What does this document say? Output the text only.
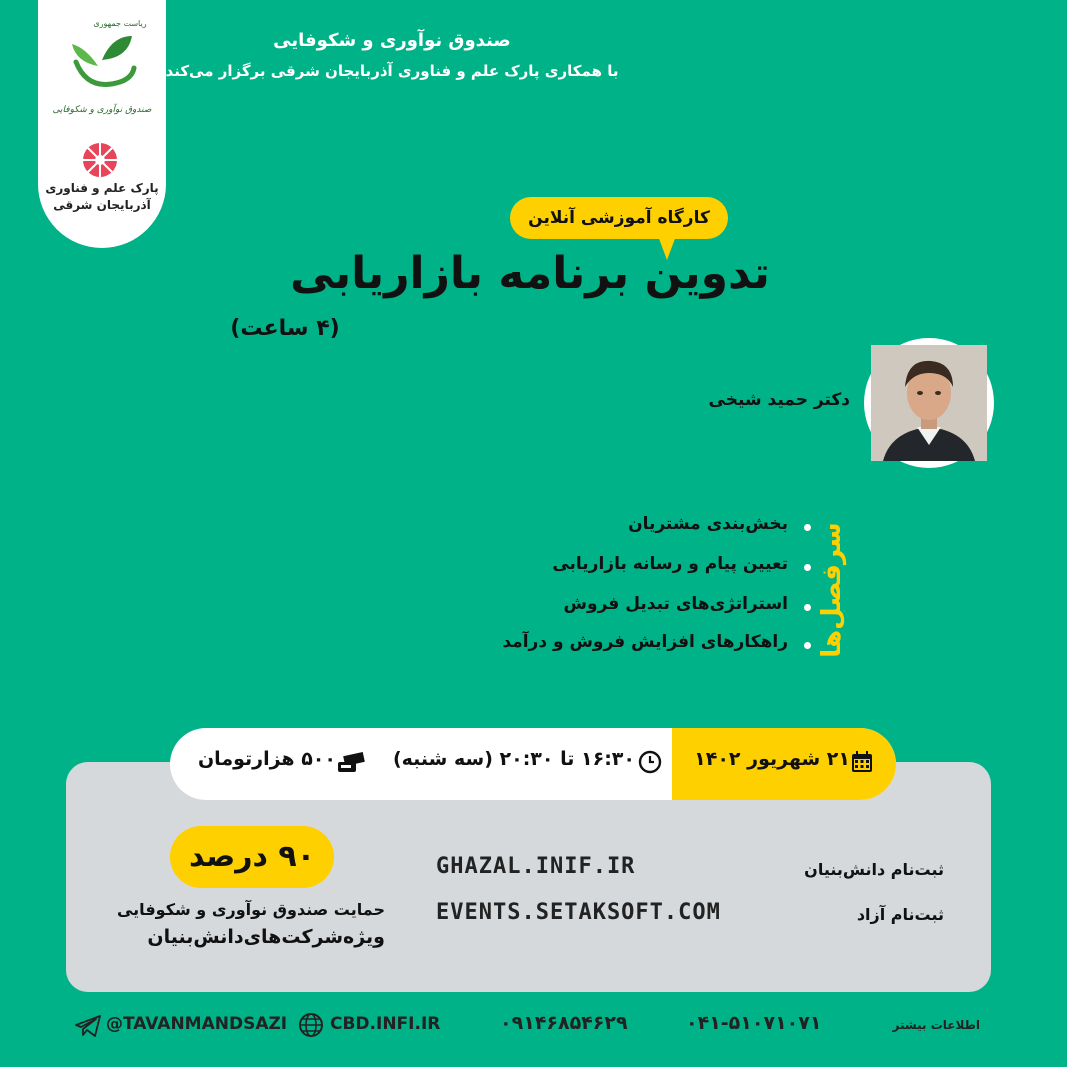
ریاست جمهوری
صندوق نوآوری و شکوفایی
پارک علم و فناوری
آذربایجان شرقی
صندوق نوآوری و شکوفایی
با همکاری پارک علم و فناوری آذربایجان شرقی برگزار می‌کند
کارگاه آموزشی آنلاین
تدوین برنامه بازاریابی
(۴ ساعت)
دکتر حمید شیخی
سرفصل‌ها
بخش‌بندی مشتریان
تعیین پیام و رسانه بازاریابی
استراتژی‌های تبدیل فروش
راهکارهای افزایش فروش و درآمد
۲۱ شهریور ۱۴۰۲
۱۶:۳۰ تا ۲۰:۳۰ (سه شنبه)
۵۰۰ هزارتومان
۹۰ درصد
حمایت صندوق نوآوری و شکوفایی
ویژه‌شرکت‌های‌دانش‌بنیان
GHAZAL.INIF.IR
EVENTS.SETAKSOFT.COM
ثبت‌نام دانش‌بنیان
ثبت‌نام آزاد
اطلاعات بیشتر
۰۴۱-۵۱۰۷۱۰۷۱
۰۹۱۴۶۸۵۴۶۲۹
CBD.INFI.IR
@TAVANMANDSAZI
